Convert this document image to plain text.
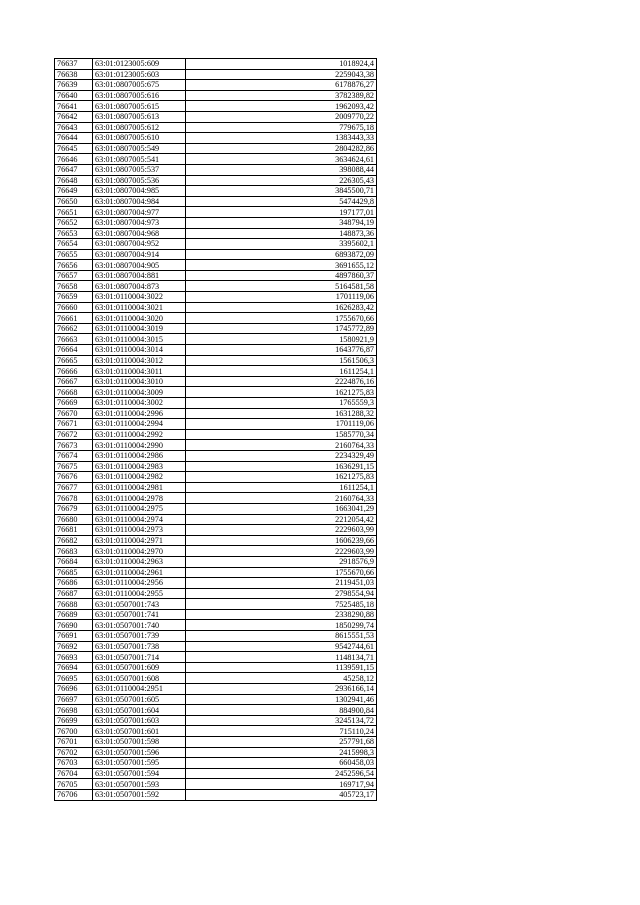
76637	63:01:0123005:609	1018924,4
76638	63:01:0123005:603	2259043,38
76639	63:01:0807005:675	6178876,27
76640	63:01:0807005:616	3782389,82
76641	63:01:0807005:615	1962093,42
76642	63:01:0807005:613	2009770,22
76643	63:01:0807005:612	779675,18
76644	63:01:0807005:610	1383443,33
76645	63:01:0807005:549	2804282,86
76646	63:01:0807005:541	3634624,61
76647	63:01:0807005:537	398088,44
76648	63:01:0807005:536	226305,43
76649	63:01:0807004:985	3845500,71
76650	63:01:0807004:984	5474429,8
76651	63:01:0807004:977	197177,01
76652	63:01:0807004:973	348794,19
76653	63:01:0807004:968	148873,36
76654	63:01:0807004:952	3395602,1
76655	63:01:0807004:914	6893872,09
76656	63:01:0807004:905	3691655,12
76657	63:01:0807004:881	4897860,37
76658	63:01:0807004:873	5164581,58
76659	63:01:0110004:3022	1701119,06
76660	63:01:0110004:3021	1626283,42
76661	63:01:0110004:3020	1755670,66
76662	63:01:0110004:3019	1745772,89
76663	63:01:0110004:3015	1580921,9
76664	63:01:0110004:3014	1643776,87
76665	63:01:0110004:3012	1561506,3
76666	63:01:0110004:3011	1611254,1
76667	63:01:0110004:3010	2224876,16
76668	63:01:0110004:3009	1621275,83
76669	63:01:0110004:3002	1765559,3
76670	63:01:0110004:2996	1631288,32
76671	63:01:0110004:2994	1701119,06
76672	63:01:0110004:2992	1585770,34
76673	63:01:0110004:2990	2160764,33
76674	63:01:0110004:2986	2234329,49
76675	63:01:0110004:2983	1636291,15
76676	63:01:0110004:2982	1621275,83
76677	63:01:0110004:2981	1611254,1
76678	63:01:0110004:2978	2160764,33
76679	63:01:0110004:2975	1663041,29
76680	63:01:0110004:2974	2212054,42
76681	63:01:0110004:2973	2229603,99
76682	63:01:0110004:2971	1606239,66
76683	63:01:0110004:2970	2229603,99
76684	63:01:0110004:2963	2918576,9
76685	63:01:0110004:2961	1755670,66
76686	63:01:0110004:2956	2119451,03
76687	63:01:0110004:2955	2798554,94
76688	63:01:0507001:743	7525485,18
76689	63:01:0507001:741	2338290,88
76690	63:01:0507001:740	1850299,74
76691	63:01:0507001:739	8615551,53
76692	63:01:0507001:738	9542744,61
76693	63:01:0507001:714	1148134,71
76694	63:01:0507001:609	1139591,15
76695	63:01:0507001:608	45258,12
76696	63:01:0110004:2951	2936166,14
76697	63:01:0507001:605	1302941,46
76698	63:01:0507001:604	884900,84
76699	63:01:0507001:603	3245134,72
76700	63:01:0507001:601	715110,24
76701	63:01:0507001:598	257791,68
76702	63:01:0507001:596	2415998,3
76703	63:01:0507001:595	660458,03
76704	63:01:0507001:594	2452596,54
76705	63:01:0507001:593	169717,94
76706	63:01:0507001:592	405723,17
